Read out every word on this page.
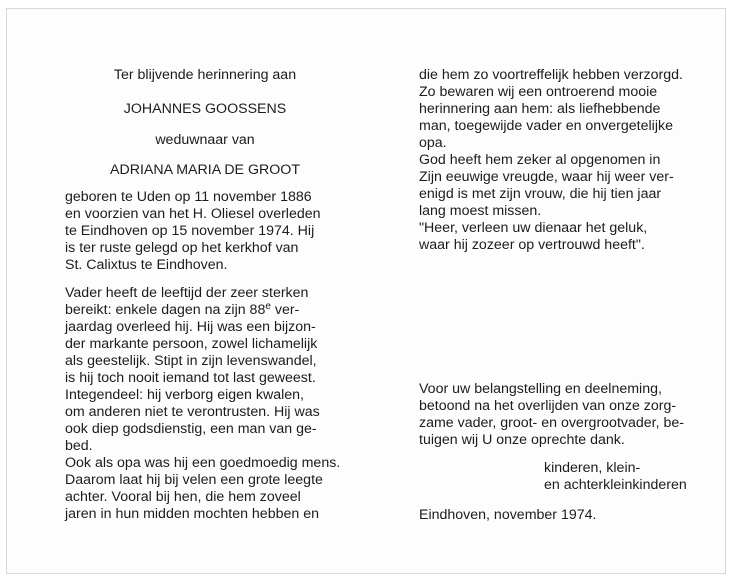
Ter blijvende herinnering aan
JOHANNES GOOSSENS
weduwnaar van
ADRIANA MARIA DE GROOT
geboren te Uden op 11 november 1886
en voorzien van het H. Oliesel overleden
te Eindhoven op 15 november 1974. Hij
is ter ruste gelegd op het kerkhof van
St. Calixtus te Eindhoven.
Vader heeft de leeftijd der zeer sterken
bereikt: enkele dagen na zijn 88e ver-
jaardag overleed hij. Hij was een bijzon-
der markante persoon, zowel lichamelijk
als geestelijk. Stipt in zijn levenswandel,
is hij toch nooit iemand tot last geweest.
Integendeel: hij verborg eigen kwalen,
om anderen niet te verontrusten. Hij was
ook diep godsdienstig, een man van ge-
bed.
Ook als opa was hij een goedmoedig mens.
Daarom laat hij bij velen een grote leegte
achter. Vooral bij hen, die hem zoveel
jaren in hun midden mochten hebben en
die hem zo voortreffelijk hebben verzorgd.
Zo bewaren wij een ontroerend mooie
herinnering aan hem: als liefhebbende
man, toegewijde vader en onvergetelijke
opa.
God heeft hem zeker al opgenomen in
Zijn eeuwige vreugde, waar hij weer ver-
enigd is met zijn vrouw, die hij tien jaar
lang moest missen.
"Heer, verleen uw dienaar het geluk,
waar hij zozeer op vertrouwd heeft".
Voor uw belangstelling en deelneming,
betoond na het overlijden van onze zorg-
zame vader, groot- en overgrootvader, be-
tuigen wij U onze oprechte dank.
kinderen, klein-
en achterkleinkinderen
Eindhoven, november 1974.
